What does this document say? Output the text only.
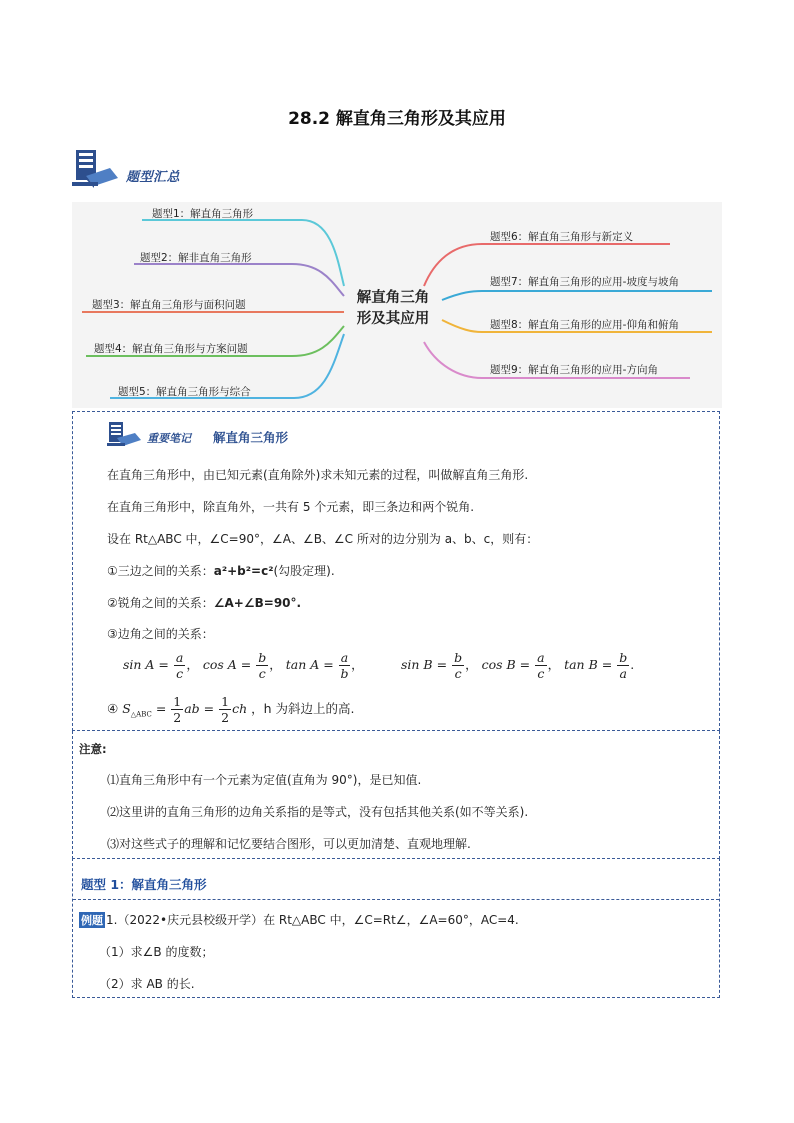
28.2 解直角三角形及其应用
题型汇总
题型1：解直角三角形
题型2：解非直角三角形
题型3：解直角三角形与面积问题
题型4：解直角三角形与方案问题
题型5：解直角三角形与综合
解直角三角
形及其应用
题型6：解直角三角形与新定义
题型7：解直角三角形的应用-坡度与坡角
题型8：解直角三角形的应用-仰角和俯角
题型9：解直角三角形的应用-方向角
重要笔记 解直角三角形
在直角三角形中，由已知元素(直角除外)求未知元素的过程，叫做解直角三角形.
在直角三角形中，除直角外，一共有 5 个元素，即三条边和两个锐角.
设在 Rt△ABC 中，∠C=90°，∠A、∠B、∠C 所对的边分别为 a、b、c，则有：
①三边之间的关系：a²+b²=c²(勾股定理).
②锐角之间的关系：∠A+∠B=90°.
③边角之间的关系：
$\sin A = \frac{a}{c}$ ， $\cos A = \frac{b}{c}$ ， $\tan A = \frac{a}{b}$ ，	$\sin B = \frac{b}{c}$ ， $\cos B = \frac{a}{c}$ ， $\tan B = \frac{b}{a}$ .
④ $S_{\triangle ABC} = \frac{1}{2}$ ab = $\frac{1}{2}$ ch ，h 为斜边上的高.
注意:
⑴直角三角形中有一个元素为定值(直角为 90°)，是已知值.
⑵这里讲的直角三角形的边角关系指的是等式，没有包括其他关系(如不等关系).
⑶对这些式子的理解和记忆要结合图形，可以更加清楚、直观地理解.
题型 1：解直角三角形
例题 1.（2022•庆元县校级开学）在 Rt△ABC 中，∠C=Rt∠，∠A=60°，AC=4.
（1）求∠B 的度数；
（2）求 AB 的长.
